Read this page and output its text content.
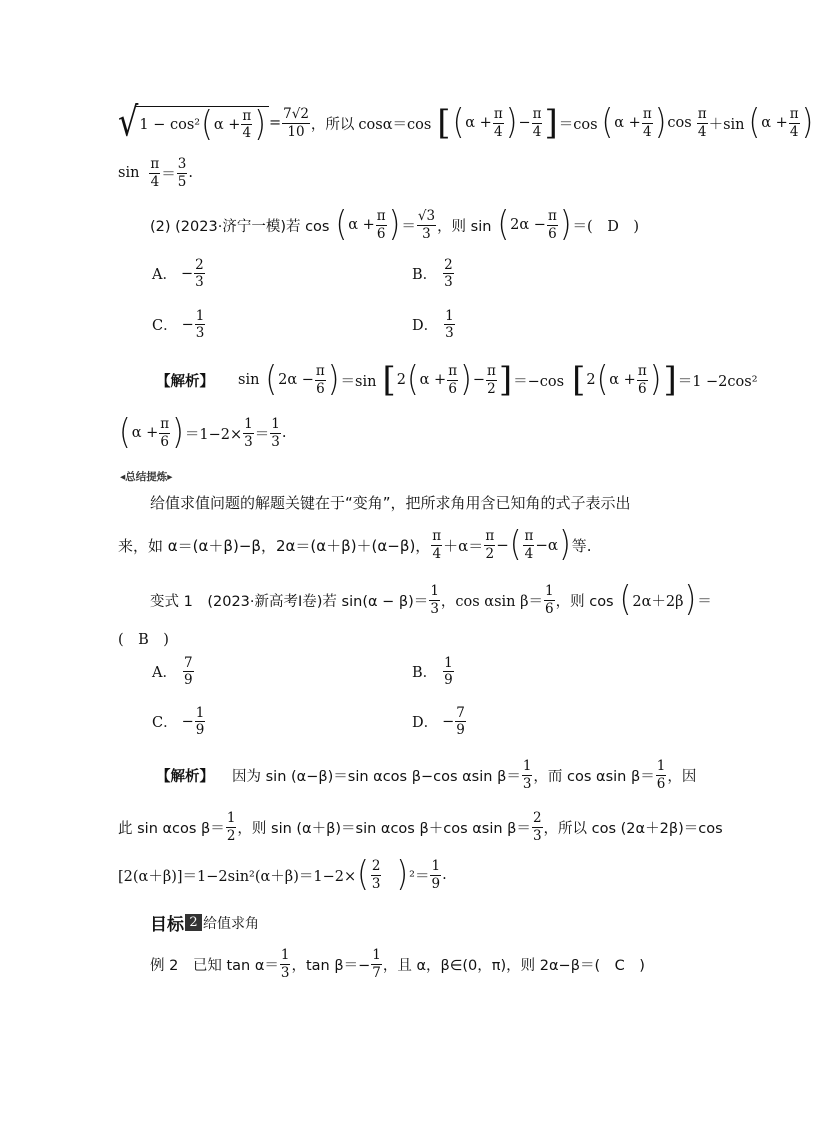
√ 1 − cos² ( $\alpha + \frac{\pi}{4}$ ) = $\frac{7√2}{10}$ ，所以 cosα＝cos [ ( $\alpha + \frac{\pi}{4}$ ) − $\frac{\pi}{4}$ ] ＝cos ( $\alpha + \frac{\pi}{4}$ ) $\cos \frac{\pi}{4} +\sin$ ( $\alpha + \frac{\pi}{4}$ )
$\sin \frac{\pi}{4} = \frac{3}{5}$ .
(2) (2023·济宁一模)若 cos ( $\alpha + \frac{\pi}{6}$ ) ＝ $\frac{√3}{3}$ ，则 sin ( $2\alpha - \frac{\pi}{6}$ ) ＝(　D　)
A． − $\frac{2}{3}$	B． $\frac{2}{3}$
C． − $\frac{1}{3}$	D． $\frac{1}{3}$
【解析】 sin ( $2\alpha - \frac{\pi}{6}$ ) ＝sin [ 2 ( $\alpha + \frac{\pi}{6}$ ) − $\frac{\pi}{2}$ ] ＝−cos [ 2 ( $\alpha + \frac{\pi}{6}$ ) ] ＝1 −2cos²
( $\alpha + \frac{\pi}{6}$ ) $=1-2\times \frac{1}{3} = \frac{1}{3}$ .
◂总结提炼▸
给值求值问题的解题关键在于“变角”，把所求角用含已知角的式子表示出
来，如 α＝(α＋β)−β，2α＝(α＋β)＋(α−β)， $\frac{\pi}{4} +\alpha= \frac{\pi}{2}$ − ( $\frac{\pi}{4} -\alpha$ ) 等.
变式 1　(2023·新高考Ⅰ卷)若 $\sin(\alpha - \beta)= \frac{1}{3}$ ，cos αsin $\beta= \frac{1}{6}$ ，则 cos ( 2α＋2β ) ＝
(　B　)
A． $\frac{7}{9}$	B． $\frac{1}{9}$
C． − $\frac{1}{9}$	D． − $\frac{7}{9}$
【解析】 因为 sin (α−β)＝sin αcos β−cos αsin $\beta= \frac{1}{3}$ ，而 cos αsin $\beta= \frac{1}{6}$ ，因
此 sin αcos $\beta= \frac{1}{2}$ ，则 sin (α＋β)＝sin αcos β＋cos αsin $\beta= \frac{2}{3}$ ，所以 cos (2α＋2β)＝cos
[2(α＋β)]＝1−2sin²(α＋β)＝1−2× ( $\frac{2}{3}$ ) $^2= \frac{1}{9}$ .
目标 2 给值求角
例 2　已知 $\tan \alpha= \frac{1}{3}$ ，$\tan \beta=- \frac{1}{7}$ ，且 α，β∈(0，π)，则 2α−β＝(　C　)
